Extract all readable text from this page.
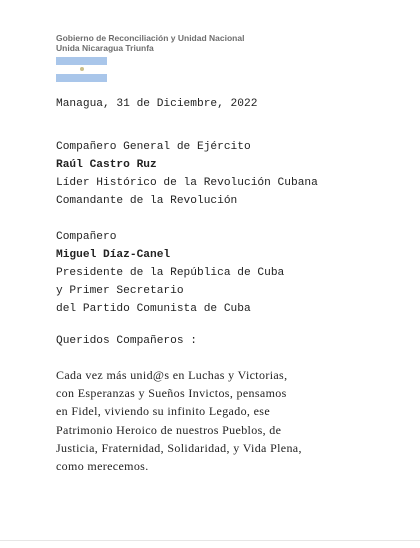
Gobierno de Reconciliación y Unidad Nacional
Unida Nicaragua Triunfa
Managua, 31 de Diciembre, 2022
Compañero General de Ejército
Raúl Castro Ruz
Líder Histórico de la Revolución Cubana
Comandante de la Revolución
Compañero
Miguel Díaz-Canel
Presidente de la República de Cuba
y Primer Secretario
del Partido Comunista de Cuba
Queridos Compañeros :
Cada vez más unid@s en Luchas y Victorias,
con Esperanzas y Sueños Invictos, pensamos
en Fidel, viviendo su infinito Legado, ese
Patrimonio Heroico de nuestros Pueblos, de
Justicia, Fraternidad, Solidaridad, y Vida Plena,
como merecemos.
